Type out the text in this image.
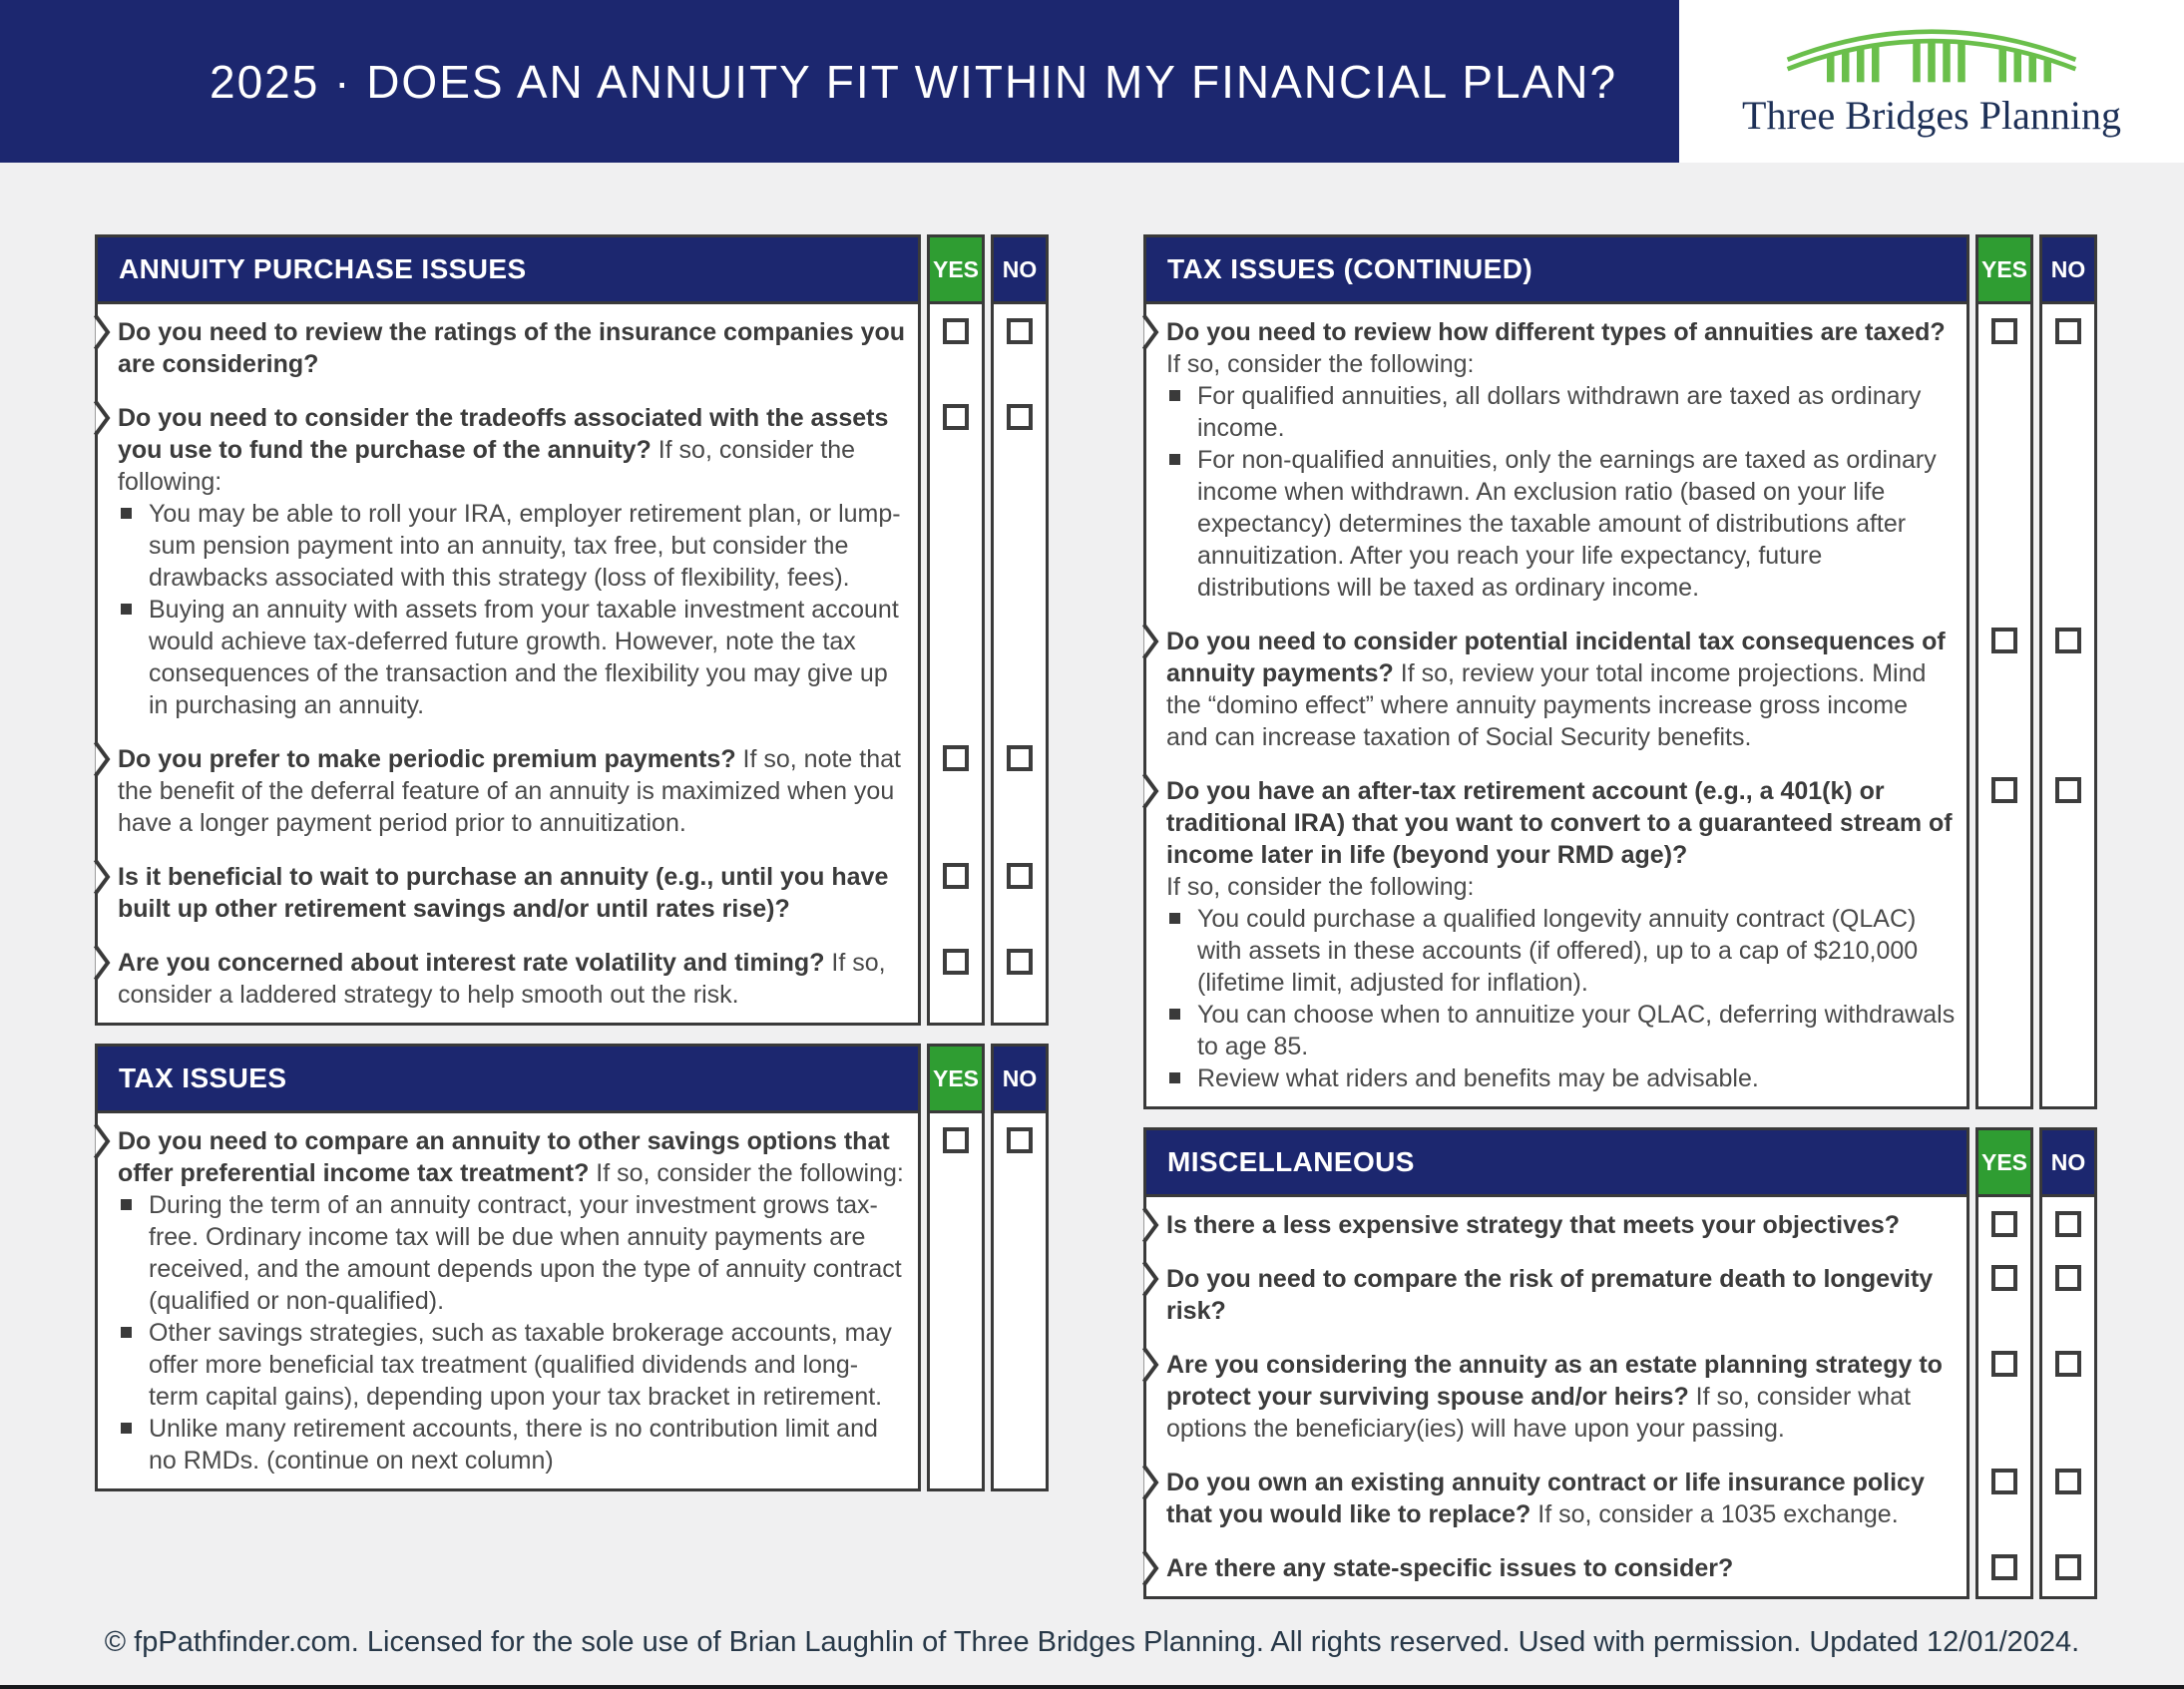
2025 · DOES AN ANNUITY FIT WITHIN MY FINANCIAL PLAN?
Three Bridges Planning
ANNUITY PURCHASE ISSUES	YES	NO

Do you need to review the ratings of the insurance companies you are considering?

Do you need to consider the tradeoffs associated with the assets you use to fund the purchase of the annuity? If so, consider the following:

You may be able to roll your IRA, employer retirement plan, or lump-sum pension payment into an annuity, tax free, but consider the drawbacks associated with this strategy (loss of flexibility, fees).
Buying an annuity with assets from your taxable investment account would achieve tax-deferred future growth. However, note the tax consequences of the transaction and the flexibility you may give up in purchasing an annuity.

Do you prefer to make periodic premium payments? If so, note that the benefit of the deferral feature of an annuity is maximized when you have a longer payment period prior to annuitization.

Is it beneficial to wait to purchase an annuity (e.g., until you have built up other retirement savings and/or until rates rise)?

Are you concerned about interest rate volatility and timing? If so, consider a laddered strategy to help smooth out the risk.

TAX ISSUES	YES	NO

Do you need to compare an annuity to other savings options that offer preferential income tax treatment? If so, consider the following:

During the term of an annuity contract, your investment grows tax-free. Ordinary income tax will be due when annuity payments are received, and the amount depends upon the type of annuity contract (qualified or non-qualified).
Other savings strategies, such as taxable brokerage accounts, may offer more beneficial tax treatment (qualified dividends and long-term capital gains), depending upon your tax bracket in retirement.
Unlike many retirement accounts, there is no contribution limit and no RMDs. (continue on next column)
TAX ISSUES (CONTINUED)	YES	NO

Do you need to review how different types of annuities are taxed? If so, consider the following:

For qualified annuities, all dollars withdrawn are taxed as ordinary income.
For non-qualified annuities, only the earnings are taxed as ordinary income when withdrawn. An exclusion ratio (based on your life expectancy) determines the taxable amount of distributions after annuitization. After you reach your life expectancy, future distributions will be taxed as ordinary income.

Do you need to consider potential incidental tax consequences of annuity payments? If so, review your total income projections. Mind the “domino effect” where annuity payments increase gross income and can increase taxation of Social Security benefits.

Do you have an after-tax retirement account (e.g., a 401(k) or traditional IRA) that you want to convert to a guaranteed stream of income later in life (beyond your RMD age)?

If so, consider the following:
You could purchase a qualified longevity annuity contract (QLAC) with assets in these accounts (if offered), up to a cap of $210,000 (lifetime limit, adjusted for inflation).
You can choose when to annuitize your QLAC, deferring withdrawals to age 85.
Review what riders and benefits may be advisable.
MISCELLANEOUS	YES	NO

Is there a less expensive strategy that meets your objectives?

Do you need to compare the risk of premature death to longevity risk?

Are you considering the annuity as an estate planning strategy to protect your surviving spouse and/or heirs? If so, consider what options the beneficiary(ies) will have upon your passing.

Do you own an existing annuity contract or life insurance policy that you would like to replace? If so, consider a 1035 exchange.

Are there any state-specific issues to consider?

© fpPathfinder.com. Licensed for the sole use of Brian Laughlin of Three Bridges Planning. All rights reserved. Used with permission. Updated 12/01/2024.
